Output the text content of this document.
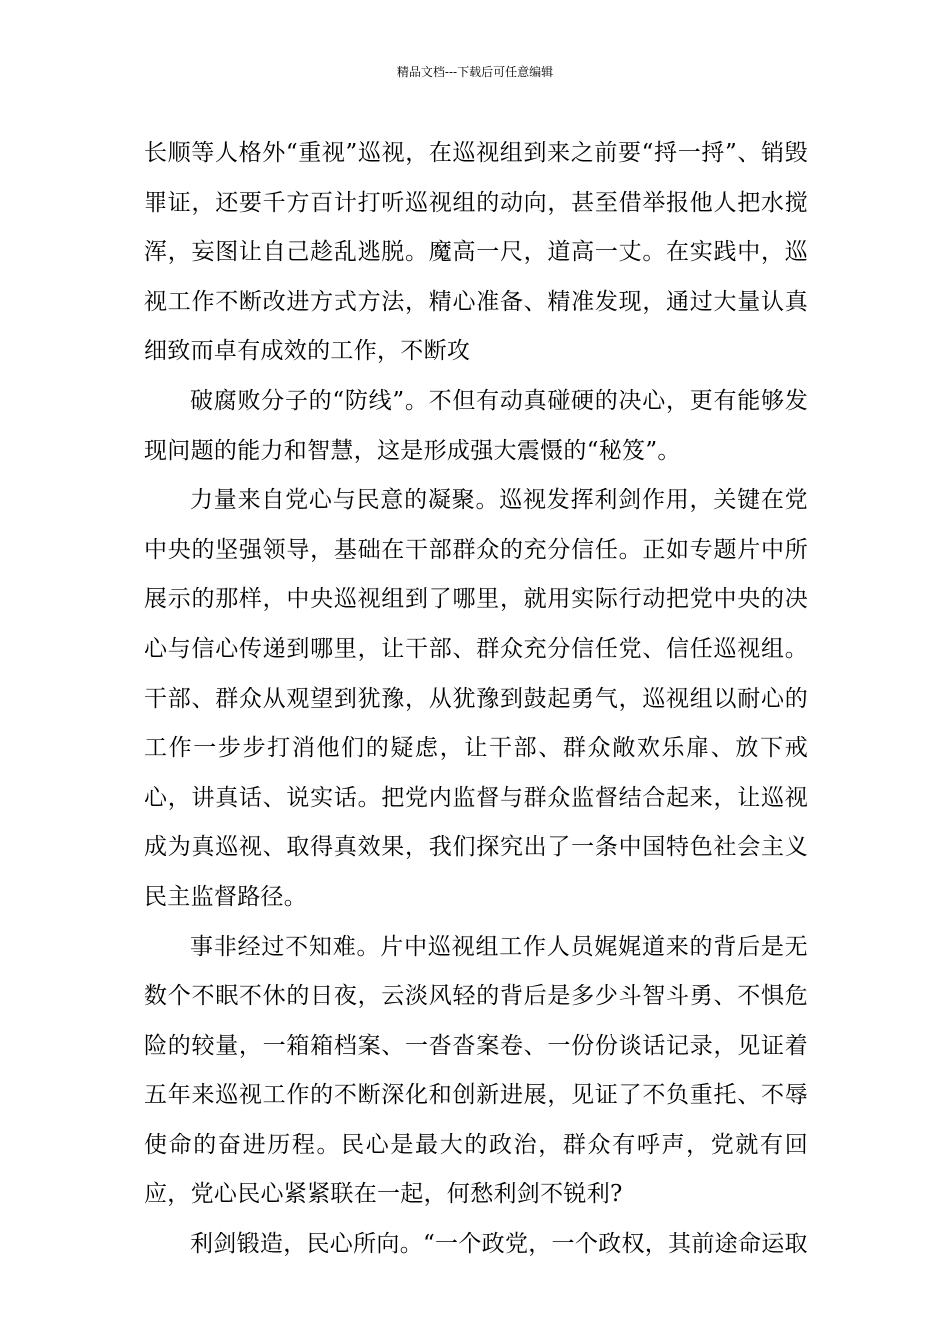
精品文档---下载后可任意编辑

长顺等人格外“重视”巡视，在巡视组到来之前要“捋一捋”、销毁罪证，还要千方百计打听巡视组的动向，甚至借举报他人把水搅浑，妄图让自己趁乱逃脱。魔高一尺，道高一丈。在实践中，巡视工作不断改进方式方法，精心准备、精准发现，通过大量认真细致而卓有成效的工作，不断攻

破腐败分子的“防线”。不但有动真碰硬的决心，更有能够发现问题的能力和智慧，这是形成强大震慑的“秘笈”。

力量来自党心与民意的凝聚。巡视发挥利剑作用，关键在党中央的坚强领导，基础在干部群众的充分信任。正如专题片中所展示的那样，中央巡视组到了哪里，就用实际行动把党中央的决心与信心传递到哪里，让干部、群众充分信任党、信任巡视组。干部、群众从观望到犹豫，从犹豫到鼓起勇气，巡视组以耐心的工作一步步打消他们的疑虑，让干部、群众敞欢乐扉、放下戒心，讲真话、说实话。把党内监督与群众监督结合起来，让巡视成为真巡视、取得真效果，我们探究出了一条中国特色社会主义民主监督路径。

事非经过不知难。片中巡视组工作人员娓娓道来的背后是无数个不眠不休的日夜，云淡风轻的背后是多少斗智斗勇、不惧危险的较量，一箱箱档案、一沓沓案卷、一份份谈话记录，见证着五年来巡视工作的不断深化和创新进展，见证了不负重托、不辱使命的奋进历程。民心是最大的政治，群众有呼声，党就有回应，党心民心紧紧联在一起，何愁利剑不锐利?

利剑锻造，民心所向。“一个政党，一个政权，其前途命运取
